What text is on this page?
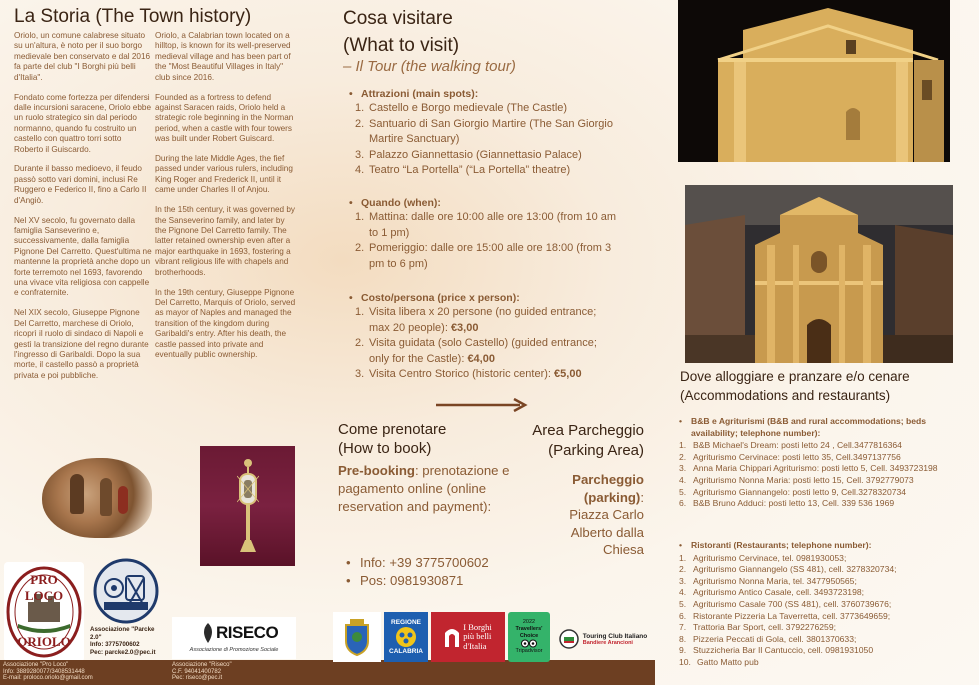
La Storia (The Town history)

Oriolo, un comune calabrese situato su un'altura, è noto per il suo borgo medievale ben conservato e dal 2016 fa parte del club "I Borghi più belli d'Italia".

Fondato come fortezza per difendersi dalle incursioni saracene, Oriolo ebbe un ruolo strategico sin dal periodo normanno, quando fu costruito un castello con quattro torri sotto Roberto il Guiscardo.

Durante il basso medioevo, il feudo passò sotto vari domini, inclusi Re Ruggero e Federico II, fino a Carlo II d'Angiò.

Nel XV secolo, fu governato dalla famiglia Sanseverino e, successivamente, dalla famiglia Pignone Del Carretto. Quest'ultima ne mantenne la proprietà anche dopo un forte terremoto nel 1693, favorendo una vivace vita religiosa con cappelle e confraternite.

Nel XIX secolo, Giuseppe Pignone Del Carretto, marchese di Oriolo, ricoprì il ruolo di sindaco di Napoli e gestì la transizione del regno durante l'ingresso di Garibaldi. Dopo la sua morte, il castello passò a proprietà privata e poi pubbliche.

Oriolo, a Calabrian town located on a hilltop, is known for its well-preserved medieval village and has been part of the "Most Beautiful Villages in Italy" club since 2016.

Founded as a fortress to defend against Saracen raids, Oriolo held a strategic role beginning in the Norman period, when a castle with four towers was built under Robert Guiscard.

During the late Middle Ages, the fief passed under various rulers, including King Roger and Frederick II, until it came under Charles II of Anjou.

In the 15th century, it was governed by the Sanseverino family, and later by the Pignone Del Carretto family. The latter retained ownership even after a major earthquake in 1693, fostering a vibrant religious life with chapels and brotherhoods.

In the 19th century, Giuseppe Pignone Del Carretto, Marquis of Oriolo, served as mayor of Naples and managed the transition of the kingdom during Garibaldi's entry. After his death, the castle passed into private and eventually public ownership.

PRO LOCO
ORIOLO
Associazione "Parcke 2.0"
Info: 3775700602
Pec: parcke2.0@pec.it
RISECO
Associazione di Promozione Sociale
Associazione "Pro Loco"
Info: 3889280077/3408531448
E-mail: proloco.oriolo@gmail.com
Associazione "Riseco"
C.F. 94041400782
Pec: riseco@pec.it
Cosa visitare
(What to visit)
– Il Tour (the walking tour)
• Attrazioni (main spots):
1. Castello e Borgo medievale (The Castle)
2. Santuario di San Giorgio Martire (The San Giorgio Martire Sanctuary)
3. Palazzo Giannettasio (Giannettasio Palace)
4. Teatro “La Portella” (“La Portella” theatre)
• Quando (when):
1. Mattina: dalle ore 10:00 alle ore 13:00 (from 10 am to 1 pm)
2. Pomeriggio: dalle ore 15:00 alle ore 18:00 (from 3 pm to 6 pm)
• Costo/persona (price x person):
1. Visita libera x 20 persone (no guided entrance; max 20 people): €3,00
2. Visita guidata (solo Castello) (guided entrance; only for the Castle): €4,00
3. Visita Centro Storico (historic center): €5,00
Come prenotare
(How to book)
Pre-booking: prenotazione e pagamento online (online reservation and payment):
• Info: +39 3775700602
• Pos: 0981930871
Area Parcheggio
(Parking Area)
Parcheggio
(parking):
Piazza Carlo Alberto dalla Chiesa
REGIONE
CALABRIA
I Borghi
più belli
d'Italia
2022
Travellers'
Choice
Tripadvisor
Touring Club Italiano
Bandiere Arancioni
Dove alloggiare e pranzare e/o cenare (Accommodations and restaurants)
•	B&B e Agriturismi (B&B and rural accommodations; beds availability; telephone number):
1. B&B Michael's Dream: posti letto 24 , Cell.3477816364
2. Agriturismo Cervinace: posti letto 35, Cell.3497137756
3. Anna Maria Chippari Agriturismo: posti letto 5, Cell. 3493723198
4. Agriturismo Nonna Maria: posti letto 15, Cell. 3792779073
5. Agriturismo Giannangelo: posti letto 9, Cell.3278320734
6. B&B Bruno Adduci: posti letto 13, Cell. 339 536 1969
•	Ristoranti (Restaurants; telephone number):
1. Agriturismo Cervinace, tel. 0981930053;
2. Agriturismo Giannangelo (SS 481), cell. 3278320734;
3. Agriturismo Nonna Maria, tel. 3477950565;
4. Agriturismo Antico Casale, cell. 3493723198;
5. Agriturismo Casale 700 (SS 481), cell. 3760739676;
6. Ristorante Pizzeria La Taverretta, cell. 3773649659;
7. Trattoria Bar Sport, cell. 3792276259;
8. Pizzeria Peccati di Gola, cell. 3801370633;
9. Stuzzicheria Bar Il Cantuccio, cell. 0981931050
10. Gatto Matto pub
